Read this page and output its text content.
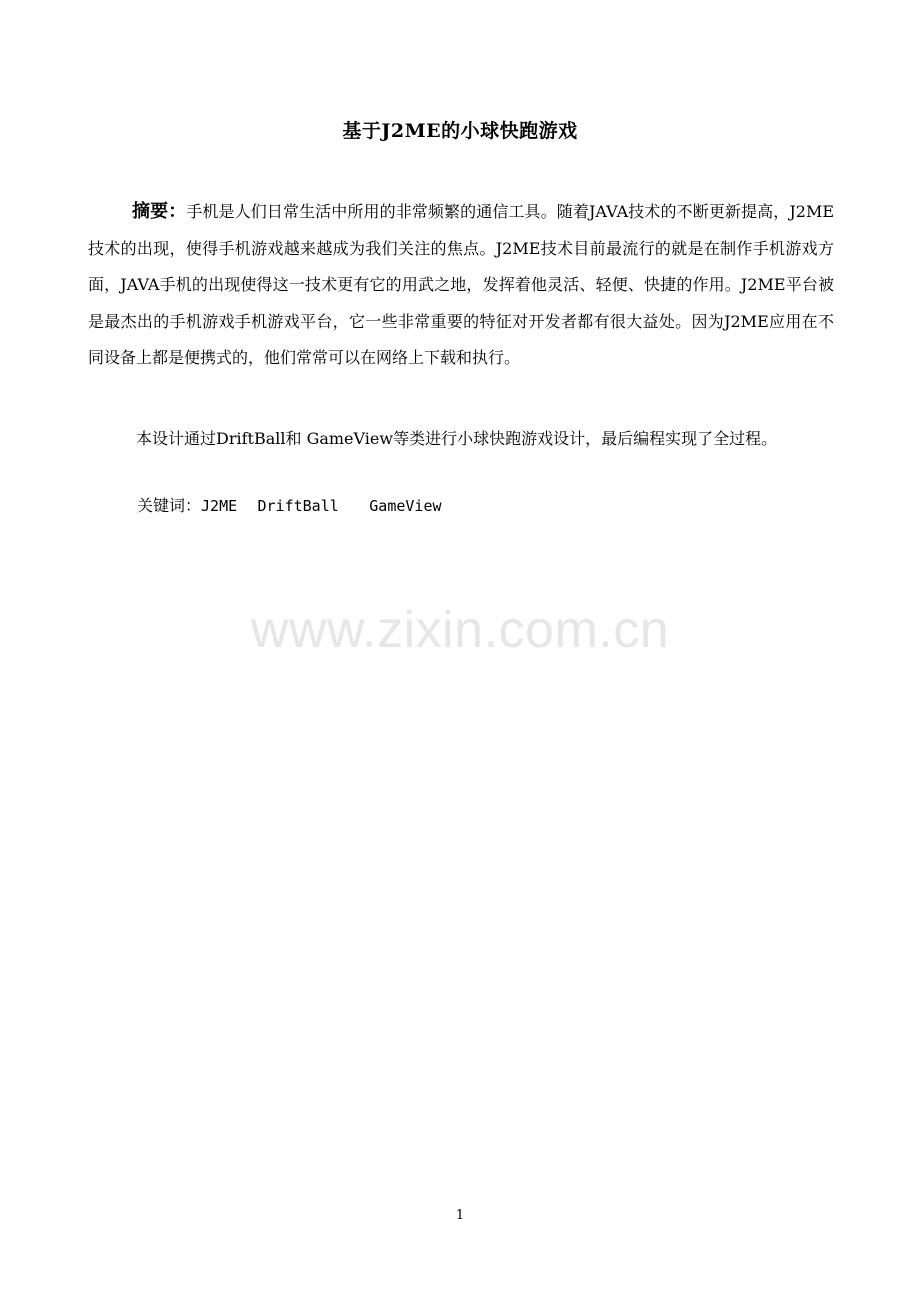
基于J2ME的小球快跑游戏

摘要：手机是人们日常生活中所用的非常频繁的通信工具。随着JAVA技术的不断更新提高，J2ME技术的出现，使得手机游戏越来越成为我们关注的焦点。J2ME技术目前最流行的就是在制作手机游戏方面，JAVA手机的出现使得这一技术更有它的用武之地，发挥着他灵活、轻便、快捷的作用。J2ME平台被是最杰出的手机游戏手机游戏平台，它一些非常重要的特征对开发者都有很大益处。因为J2ME应用在不同设备上都是便携式的，他们常常可以在网络上下载和执行。

本设计通过DriftBall和 GameView等类进行小球快跑游戏设计，最后编程实现了全过程。

关键词：J2ME DriftBall GameView
www.zixin.com.cn
1
